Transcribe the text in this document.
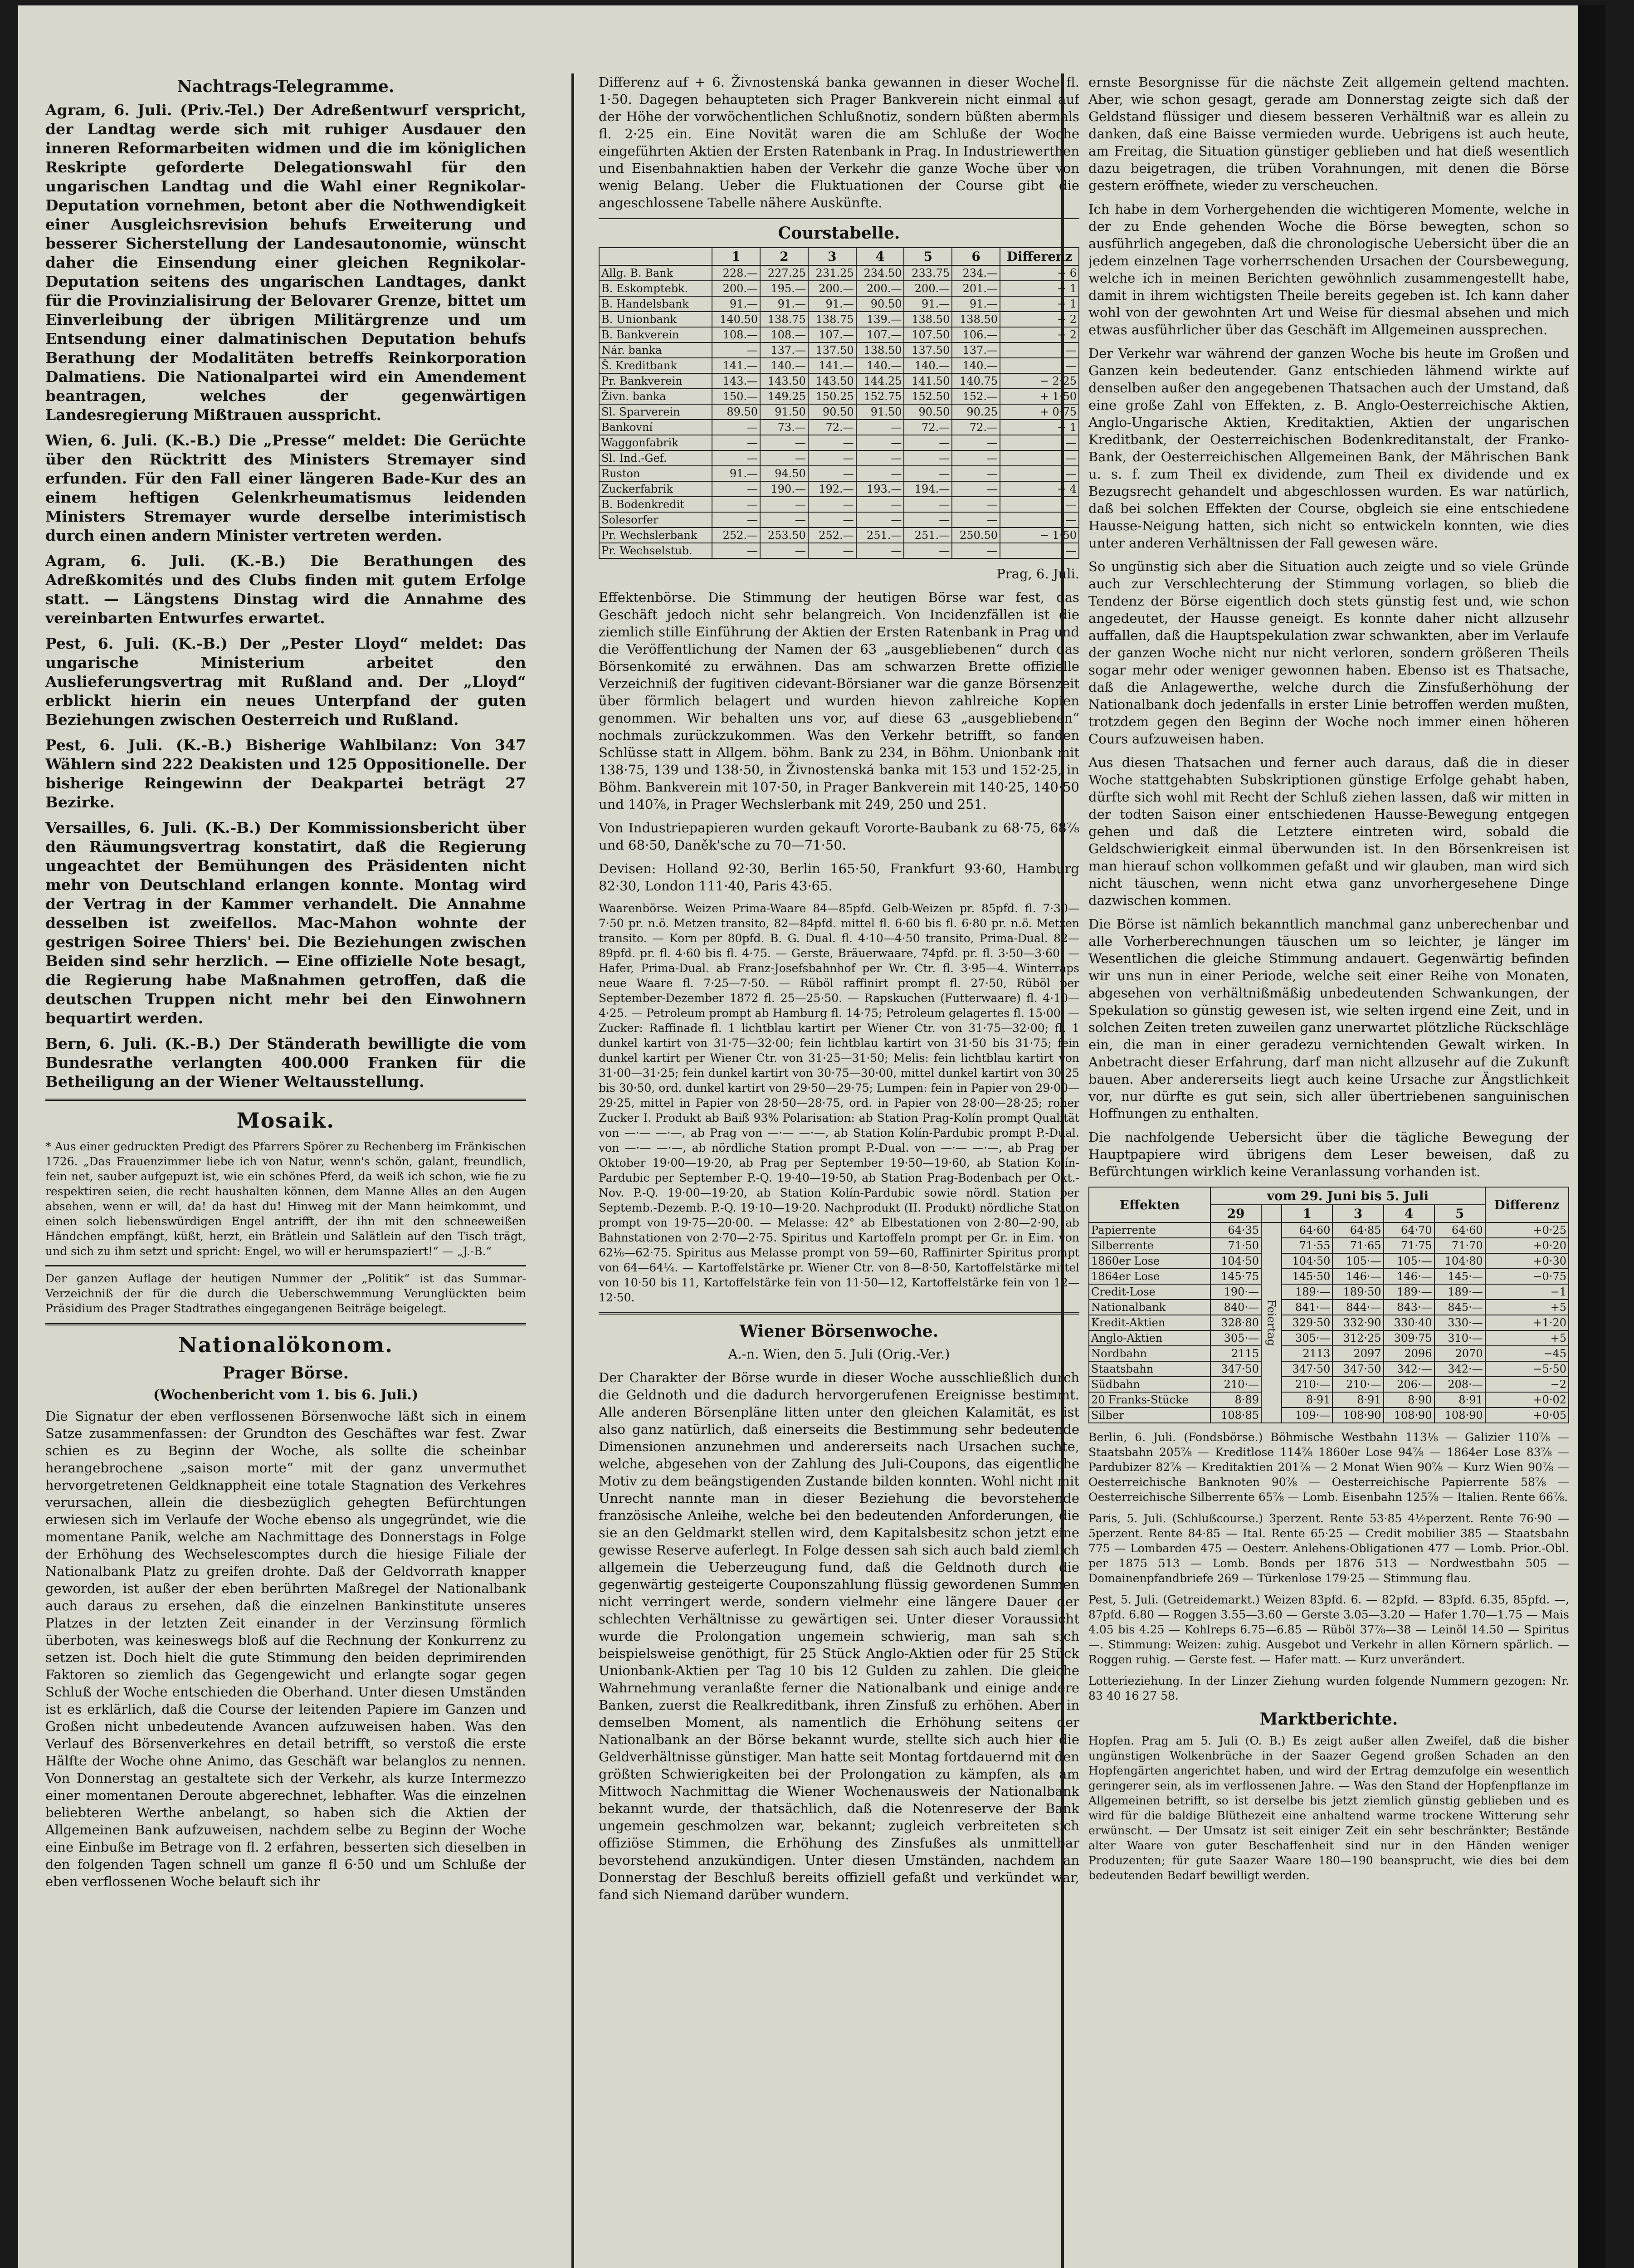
Nachtrags-Telegramme.

Agram, 6. Juli. (Priv.-Tel.) Der Adreßentwurf verspricht, der Landtag werde sich mit ruhiger Ausdauer den inneren Reformarbeiten widmen und die im königlichen Reskripte geforderte Delegationswahl für den ungarischen Landtag und die Wahl einer Regnikolar-Deputation vornehmen, betont aber die Nothwendigkeit einer Ausgleichsrevision behufs Erweiterung und besserer Sicherstellung der Landesautonomie, wünscht daher die Einsendung einer gleichen Regnikolar-Deputation seitens des ungarischen Landtages, dankt für die Provinzialisirung der Belovarer Grenze, bittet um Einverleibung der übrigen Militärgrenze und um Entsendung einer dalmatinischen Deputation behufs Berathung der Modalitäten betreffs Reinkorporation Dalmatiens. Die Nationalpartei wird ein Amendement beantragen, welches der gegenwärtigen Landesregierung Mißtrauen ausspricht.

Wien, 6. Juli. (K.-B.) Die „Presse“ meldet: Die Gerüchte über den Rücktritt des Ministers Stremayer sind erfunden. Für den Fall einer längeren Bade-Kur des an einem heftigen Gelenkrheumatismus leidenden Ministers Stremayer wurde derselbe interimistisch durch einen andern Minister vertreten werden.

Agram, 6. Juli. (K.-B.) Die Berathungen des Adreßkomités und des Clubs finden mit gutem Erfolge statt. — Längstens Dinstag wird die Annahme des vereinbarten Entwurfes erwartet.

Pest, 6. Juli. (K.-B.) Der „Pester Lloyd“ meldet: Das ungarische Ministerium arbeitet den Auslieferungsvertrag mit Rußland and. Der „Lloyd“ erblickt hierin ein neues Unterpfand der guten Beziehungen zwischen Oesterreich und Rußland.

Pest, 6. Juli. (K.-B.) Bisherige Wahlbilanz: Von 347 Wählern sind 222 Deakisten und 125 Oppositionelle. Der bisherige Reingewinn der Deakpartei beträgt 27 Bezirke.

Versailles, 6. Juli. (K.-B.) Der Kommissionsbericht über den Räumungsvertrag konstatirt, daß die Regierung ungeachtet der Bemühungen des Präsidenten nicht mehr von Deutschland erlangen konnte. Montag wird der Vertrag in der Kammer verhandelt. Die Annahme desselben ist zweifellos. Mac-Mahon wohnte der gestrigen Soiree Thiers' bei. Die Beziehungen zwischen Beiden sind sehr herzlich. — Eine offizielle Note besagt, die Regierung habe Maßnahmen getroffen, daß die deutschen Truppen nicht mehr bei den Einwohnern bequartirt werden.

Bern, 6. Juli. (K.-B.) Der Ständerath bewilligte die vom Bundesrathe verlangten 400.000 Franken für die Betheiligung an der Wiener Weltausstellung.

Mosaik.

* Aus einer gedruckten Predigt des Pfarrers Spörer zu Rechenberg im Fränkischen 1726. „Das Frauenzimmer liebe ich von Natur, wenn's schön, galant, freundlich, fein net, sauber aufgepuzt ist, wie ein schönes Pferd, da weiß ich schon, wie fie zu respektiren seien, die recht haushalten können, dem Manne Alles an den Augen absehen, wenn er will, da! da hast du! Hinweg mit der Mann heimkommt, und einen solch liebenswürdigen Engel antrifft, der ihn mit den schneeweißen Händchen empfängt, küßt, herzt, ein Brätlein und Salätlein auf den Tisch trägt, und sich zu ihm setzt und spricht: Engel, wo will er herumspaziert!“ — „J.-B.“

Der ganzen Auflage der heutigen Nummer der „Politik“ ist das Summar-Verzeichniß der für die durch die Ueberschwemmung Verunglückten beim Präsidium des Prager Stadtrathes eingegangenen Beiträge beigelegt.

Nationalökonom.
Prager Börse.
(Wochenbericht vom 1. bis 6. Juli.)

Die Signatur der eben verflossenen Börsenwoche läßt sich in einem Satze zusammenfassen: der Grundton des Geschäftes war fest. Zwar schien es zu Beginn der Woche, als sollte die scheinbar herangebrochene „saison morte“ mit der ganz unvermuthet hervorgetretenen Geldknappheit eine totale Stagnation des Verkehres verursachen, allein die diesbezüglich gehegten Befürchtungen erwiesen sich im Verlaufe der Woche ebenso als ungegründet, wie die momentane Panik, welche am Nachmittage des Donnerstags in Folge der Erhöhung des Wechselescomptes durch die hiesige Filiale der Nationalbank Platz zu greifen drohte. Daß der Geldvorrath knapper geworden, ist außer der eben berührten Maßregel der Nationalbank auch daraus zu ersehen, daß die einzelnen Bankinstitute unseres Platzes in der letzten Zeit einander in der Verzinsung förmlich überboten, was keineswegs bloß auf die Rechnung der Konkurrenz zu setzen ist. Doch hielt die gute Stimmung den beiden deprimirenden Faktoren so ziemlich das Gegengewicht und erlangte sogar gegen Schluß der Woche entschieden die Oberhand. Unter diesen Umständen ist es erklärlich, daß die Course der leitenden Papiere im Ganzen und Großen nicht unbedeutende Avancen aufzuweisen haben. Was den Verlauf des Börsenverkehres en detail betrifft, so verstoß die erste Hälfte der Woche ohne Animo, das Geschäft war belanglos zu nennen. Von Donnerstag an gestaltete sich der Verkehr, als kurze Intermezzo einer momentanen Deroute abgerechnet, lebhafter. Was die einzelnen beliebteren Werthe anbelangt, so haben sich die Aktien der Allgemeinen Bank aufzuweisen, nachdem selbe zu Beginn der Woche eine Einbuße im Betrage von fl. 2 erfahren, besserten sich dieselben in den folgenden Tagen schnell um ganze fl 6·50 und um Schluße der eben verflossenen Woche belauft sich ihr

Differenz auf + 6. Živnostenská banka gewannen in dieser Woche fl. 1·50. Dagegen behaupteten sich Prager Bankverein nicht einmal auf der Höhe der vorwöchentlichen Schlußnotiz, sondern büßten abermals fl. 2·25 ein. Eine Novität waren die am Schluße der Woche eingeführten Aktien der Ersten Ratenbank in Prag. In Industriewerthen und Eisenbahnaktien haben der Verkehr die ganze Woche über von wenig Belang. Ueber die Fluktuationen der Course gibt die angeschlossene Tabelle nähere Auskünfte.

Courstabelle.
	1	2	3	4	5	6	Differenz
Allg. B. Bank	228.—	227.25	231.25	234.50	233.75	234.—	+ 6
B. Eskomptebk.	200.—	195.—	200.—	200.—	200.—	201.—	+ 1
B. Handelsbank	91.—	91.—	91.—	90.50	91.—	91.—	+ 1
B. Unionbank	140.50	138.75	138.75	139.—	138.50	138.50	+ 2
B. Bankverein	108.—	108.—	107.—	107.—	107.50	106.—	− 2
Nár. banka	—	137.—	137.50	138.50	137.50	137.—	—
Š. Kreditbank	141.—	140.—	141.—	140.—	140.—	140.—	—
Pr. Bankverein	143.—	143.50	143.50	144.25	141.50	140.75	− 2·25
Živn. banka	150.—	149.25	150.25	152.75	152.50	152.—	+ 1·50
Sl. Sparverein	89.50	91.50	90.50	91.50	90.50	90.25	+ 0·75
Bankovní	—	73.—	72.—	—	72.—	72.—	− 1
Waggonfabrik	—	—	—	—	—	—	—
Sl. Ind.-Gef.	—	—	—	—	—	—	—
Ruston	91.—	94.50	—	—	—	—	—
Zuckerfabrik	—	190.—	192.—	193.—	194.—	—	+ 4
B. Bodenkredit	—	—	—	—	—	—	—
Solesorfer	—	—	—	—	—	—	—
Pr. Wechslerbank	252.—	253.50	252.—	251.—	251.—	250.50	− 1·50
Pr. Wechselstub.	—	—	—	—	—	—	—

Prag, 6. Juli.

Effektenbörse. Die Stimmung der heutigen Börse war fest, das Geschäft jedoch nicht sehr belangreich. Von Incidenzfällen ist die ziemlich stille Einführung der Aktien der Ersten Ratenbank in Prag und die Veröffentlichung der Namen der 63 „ausgebliebenen“ durch das Börsenkomité zu erwähnen. Das am schwarzen Brette offizielle Verzeichniß der fugitiven cidevant-Börsianer war die ganze Börsenzeit über förmlich belagert und wurden hievon zahlreiche Kopien genommen. Wir behalten uns vor, auf diese 63 „ausgebliebenen“ nochmals zurückzukommen. Was den Verkehr betrifft, so fanden Schlüsse statt in Allgem. böhm. Bank zu 234, in Böhm. Unionbank mit 138·75, 139 und 138·50, in Živnostenská banka mit 153 und 152·25, in Böhm. Bankverein mit 107·50, in Prager Bankverein mit 140·25, 140·50 und 140⅞, in Prager Wechslerbank mit 249, 250 und 251.

Von Industriepapieren wurden gekauft Vororte-Baubank zu 68·75, 68⅞ und 68·50, Daněk'sche zu 70—71·50.

Devisen: Holland 92·30, Berlin 165·50, Frankfurt 93·60, Hamburg 82·30, London 111·40, Paris 43·65.

Waarenbörse. Weizen Prima-Waare 84—85pfd. Gelb-Weizen pr. 85pfd. fl. 7·30—7·50 pr. n.ö. Metzen transito, 82—84pfd. mittel fl. 6·60 bis fl. 6·80 pr. n.ö. Metzen transito. — Korn per 80pfd. B. G. Dual. fl. 4·10—4·50 transito, Prima-Dual. 82—89pfd. pr. fl. 4·60 bis fl. 4·75. — Gerste, Bräuerwaare, 74pfd. pr. fl. 3·50—3·60. — Hafer, Prima-Dual. ab Franz-Josefsbahnhof per Wr. Ctr. fl. 3·95—4. Winterraps neue Waare fl. 7·25—7·50. — Rüböl raffinirt prompt fl. 27·50, Rüböl per September-Dezember 1872 fl. 25—25·50. — Rapskuchen (Futterwaare) fl. 4·10—4·25. — Petroleum prompt ab Hamburg fl. 14·75; Petroleum gelagertes fl. 15·00. — Zucker: Raffinade fl. 1 lichtblau kartirt per Wiener Ctr. von 31·75—32·00; fl. 1 dunkel kartirt von 31·75—32·00; fein lichtblau kartirt von 31·50 bis 31·75; fein dunkel kartirt per Wiener Ctr. von 31·25—31·50; Melis: fein lichtblau kartirt von 31·00—31·25; fein dunkel kartirt von 30·75—30·00, mittel dunkel kartirt von 30·25 bis 30·50, ord. dunkel kartirt von 29·50—29·75; Lumpen: fein in Papier von 29·00—29·25, mittel in Papier von 28·50—28·75, ord. in Papier von 28·00—28·25; roher Zucker I. Produkt ab Baiß 93% Polarisation: ab Station Prag-Kolín prompt Qualität von —·— —·—, ab Prag von —·— —·—, ab Station Kolín-Pardubic prompt P.-Dual. von —·— —·—, ab nördliche Station prompt P.-Dual. von —·— —·—, ab Prag per Oktober 19·00—19·20, ab Prag per September 19·50—19·60, ab Station Kolín-Pardubic per September P.-Q. 19·40—19·50, ab Station Prag-Bodenbach per Okt.-Nov. P.-Q. 19·00—19·20, ab Station Kolín-Pardubic sowie nördl. Station per Septemb.-Dezemb. P.-Q. 19·10—19·20. Nachprodukt (II. Produkt) nördliche Station prompt von 19·75—20·00. — Melasse: 42° ab Elbestationen von 2·80—2·90, ab Bahnstationen von 2·70—2·75. Spiritus und Kartoffeln prompt per Gr. in Eim. von 62⅛—62·75. Spiritus aus Melasse prompt von 59—60, Raffinirter Spiritus prompt von 64—64¼. — Kartoffelstärke pr. Wiener Ctr. von 8—8·50, Kartoffelstärke mittel von 10·50 bis 11, Kartoffelstärke fein von 11·50—12, Kartoffelstärke fein von 12—12·50.

Wiener Börsenwoche.

A.-n. Wien, den 5. Juli (Orig.-Ver.)

Der Charakter der Börse wurde in dieser Woche ausschließlich durch die Geldnoth und die dadurch hervorgerufenen Ereignisse bestimmt. Alle anderen Börsenpläne litten unter den gleichen Kalamität, es ist also ganz natürlich, daß einerseits die Bestimmung sehr bedeutende Dimensionen anzunehmen und andererseits nach Ursachen suchte, welche, abgesehen von der Zahlung des Juli-Coupons, das eigentliche Motiv zu dem beängstigenden Zustande bilden konnten. Wohl nicht mit Unrecht nannte man in dieser Beziehung die bevorstehende französische Anleihe, welche bei den bedeutenden Anforderungen, die sie an den Geldmarkt stellen wird, dem Kapitalsbesitz schon jetzt eine gewisse Reserve auferlegt. In Folge dessen sah sich auch bald ziemlich allgemein die Ueberzeugung fund, daß die Geldnoth durch die gegenwärtig gesteigerte Couponszahlung flüssig gewordenen Summen nicht verringert werde, sondern vielmehr eine längere Dauer der schlechten Verhältnisse zu gewärtigen sei. Unter dieser Voraussicht wurde die Prolongation ungemein schwierig, man sah sich beispielsweise genöthigt, für 25 Stück Anglo-Aktien oder für 25 Stück Unionbank-Aktien per Tag 10 bis 12 Gulden zu zahlen. Die gleiche Wahrnehmung veranlaßte ferner die Nationalbank und einige andere Banken, zuerst die Realkreditbank, ihren Zinsfuß zu erhöhen. Aber in demselben Moment, als namentlich die Erhöhung seitens der Nationalbank an der Börse bekannt wurde, stellte sich auch hier die Geldverhältnisse günstiger. Man hatte seit Montag fortdauernd mit den größten Schwierigkeiten bei der Prolongation zu kämpfen, als am Mittwoch Nachmittag die Wiener Wochenausweis der Nationalbank bekannt wurde, der thatsächlich, daß die Notenreserve der Bank ungemein geschmolzen war, bekannt; zugleich verbreiteten sich offiziöse Stimmen, die Erhöhung des Zinsfußes als unmittelbar bevorstehend anzukündigen. Unter diesen Umständen, nachdem an Donnerstag der Beschluß bereits offiziell gefaßt und verkündet war, fand sich Niemand darüber wundern.

ernste Besorgnisse für die nächste Zeit allgemein geltend machten. Aber, wie schon gesagt, gerade am Donnerstag zeigte sich daß der Geldstand flüssiger und diesem besseren Verhältniß war es allein zu danken, daß eine Baisse vermieden wurde. Uebrigens ist auch heute, am Freitag, die Situation günstiger geblieben und hat dieß wesentlich dazu beigetragen, die trüben Vorahnungen, mit denen die Börse gestern eröffnete, wieder zu verscheuchen.

Ich habe in dem Vorhergehenden die wichtigeren Momente, welche in der zu Ende gehenden Woche die Börse bewegten, schon so ausführlich angegeben, daß die chronologische Uebersicht über die an jedem einzelnen Tage vorherrschenden Ursachen der Coursbewegung, welche ich in meinen Berichten gewöhnlich zusammengestellt habe, damit in ihrem wichtigsten Theile bereits gegeben ist. Ich kann daher wohl von der gewohnten Art und Weise für diesmal absehen und mich etwas ausführlicher über das Geschäft im Allgemeinen aussprechen.

Der Verkehr war während der ganzen Woche bis heute im Großen und Ganzen kein bedeutender. Ganz entschieden lähmend wirkte auf denselben außer den angegebenen Thatsachen auch der Umstand, daß eine große Zahl von Effekten, z. B. Anglo-Oesterreichische Aktien, Anglo-Ungarische Aktien, Kreditaktien, Aktien der ungarischen Kreditbank, der Oesterreichischen Bodenkreditanstalt, der Franko-Bank, der Oesterreichischen Allgemeinen Bank, der Mährischen Bank u. s. f. zum Theil ex dividende, zum Theil ex dividende und ex Bezugsrecht gehandelt und abgeschlossen wurden. Es war natürlich, daß bei solchen Effekten der Course, obgleich sie eine entschiedene Hausse-Neigung hatten, sich nicht so entwickeln konnten, wie dies unter anderen Verhältnissen der Fall gewesen wäre.

So ungünstig sich aber die Situation auch zeigte und so viele Gründe auch zur Verschlechterung der Stimmung vorlagen, so blieb die Tendenz der Börse eigentlich doch stets günstig fest und, wie schon angedeutet, der Hausse geneigt. Es konnte daher nicht allzusehr auffallen, daß die Hauptspekulation zwar schwankten, aber im Verlaufe der ganzen Woche nicht nur nicht verloren, sondern größeren Theils sogar mehr oder weniger gewonnen haben. Ebenso ist es Thatsache, daß die Anlagewerthe, welche durch die Zinsfußerhöhung der Nationalbank doch jedenfalls in erster Linie betroffen werden mußten, trotzdem gegen den Beginn der Woche noch immer einen höheren Cours aufzuweisen haben.

Aus diesen Thatsachen und ferner auch daraus, daß die in dieser Woche stattgehabten Subskriptionen günstige Erfolge gehabt haben, dürfte sich wohl mit Recht der Schluß ziehen lassen, daß wir mitten in der todten Saison einer entschiedenen Hausse-Bewegung entgegen gehen und daß die Letztere eintreten wird, sobald die Geldschwierigkeit einmal überwunden ist. In den Börsenkreisen ist man hierauf schon vollkommen gefaßt und wir glauben, man wird sich nicht täuschen, wenn nicht etwa ganz unvorhergesehene Dinge dazwischen kommen.

Die Börse ist nämlich bekanntlich manchmal ganz unberechenbar und alle Vorherberechnungen täuschen um so leichter, je länger im Wesentlichen die gleiche Stimmung andauert. Gegenwärtig befinden wir uns nun in einer Periode, welche seit einer Reihe von Monaten, abgesehen von verhältnißmäßig unbedeutenden Schwankungen, der Spekulation so günstig gewesen ist, wie selten irgend eine Zeit, und in solchen Zeiten treten zuweilen ganz unerwartet plötzliche Rückschläge ein, die man in einer geradezu vernichtenden Gewalt wirken. In Anbetracht dieser Erfahrung, darf man nicht allzusehr auf die Zukunft bauen. Aber andererseits liegt auch keine Ursache zur Ängstlichkeit vor, nur dürfte es gut sein, sich aller übertriebenen sanguinischen Hoffnungen zu enthalten.

Die nachfolgende Uebersicht über die tägliche Bewegung der Hauptpapiere wird übrigens dem Leser beweisen, daß zu Befürchtungen wirklich keine Veranlassung vorhanden ist.

Effekten	vom 29. Juni bis 5. Juli						Differenz
	29		1	3	4	5	
Papierrente	64·35	Feiertag	64·60	64·85	64·70	64·60	+0·25
Silberrente	71·50		71·55	71·65	71·75	71·70	+0·20
1860er Lose	104·50		104·50	105·—	105·—	104·80	+0·30
1864er Lose	145·75		145·50	146·—	146·—	145·—	−0·75
Credit-Lose	190·—		189·—	189·50	189·—	189·—	−1
Nationalbank	840·—		841·—	844·—	843·—	845·—	+5
Kredit-Aktien	328·80		329·50	332·90	330·40	330·—	+1·20
Anglo-Aktien	305·—		305·—	312·25	309·75	310·—	+5
Nordbahn	2115		2113	2097	2096	2070	−45
Staatsbahn	347·50		347·50	347·50	342·—	342·—	−5·50
Südbahn	210·—		210·—	210·—	206·—	208·—	−2
20 Franks-Stücke	8·89		8·91	8·91	8·90	8·91	+0·02
Silber	108·85		109·—	108·90	108·90	108·90	+0·05

Berlin, 6. Juli. (Fondsbörse.) Böhmische Westbahn 113⅛ — Galizier 110⅞ — Staatsbahn 205⅞ — Kreditlose 114⅞ 1860er Lose 94⅞ — 1864er Lose 83⅞ — Pardubizer 82⅞ — Kreditaktien 201⅞ — 2 Monat Wien 90⅞ — Kurz Wien 90⅞ — Oesterreichische Banknoten 90⅞ — Oesterreichische Papierrente 58⅞ — Oesterreichische Silberrente 65⅞ — Lomb. Eisenbahn 125⅞ — Italien. Rente 66⅞.

Paris, 5. Juli. (Schlußcourse.) 3perzent. Rente 53·85 4½perzent. Rente 76·90 — 5perzent. Rente 84·85 — Ital. Rente 65·25 — Credit mobilier 385 — Staatsbahn 775 — Lombarden 475 — Oesterr. Anlehens-Obligationen 477 — Lomb. Prior.-Obl. per 1875 513 — Lomb. Bonds per 1876 513 — Nordwestbahn 505 — Domainenpfandbriefe 269 — Türkenlose 179·25 — Stimmung flau.

Pest, 5. Juli. (Getreidemarkt.) Weizen 83pfd. 6. — 82pfd. — 83pfd. 6.35, 85pfd. —, 87pfd. 6.80 — Roggen 3.55—3.60 — Gerste 3.05—3.20 — Hafer 1.70—1.75 — Mais 4.05 bis 4.25 — Kohlreps 6.75—6.85 — Rüböl 37⅞—38 — Leinöl 14.50 — Spiritus —. Stimmung: Weizen: zuhig. Ausgebot und Verkehr in allen Körnern spärlich. — Roggen ruhig. — Gerste fest. — Hafer matt. — Kurz unverändert.

Lotterieziehung. In der Linzer Ziehung wurden folgende Nummern gezogen: Nr. 83 40 16 27 58.

Marktberichte.

Hopfen. Prag am 5. Juli (O. B.) Es zeigt außer allen Zweifel, daß die bisher ungünstigen Wolkenbrüche in der Saazer Gegend großen Schaden an den Hopfengärten angerichtet haben, und wird der Ertrag demzufolge ein wesentlich geringerer sein, als im verflossenen Jahre. — Was den Stand der Hopfenpflanze im Allgemeinen betrifft, so ist derselbe bis jetzt ziemlich günstig geblieben und es wird für die baldige Blüthezeit eine anhaltend warme trockene Witterung sehr erwünscht. — Der Umsatz ist seit einiger Zeit ein sehr beschränkter; Bestände alter Waare von guter Beschaffenheit sind nur in den Händen weniger Produzenten; für gute Saazer Waare 180—190 beansprucht, wie dies bei dem bedeutenden Bedarf bewilligt werden.
